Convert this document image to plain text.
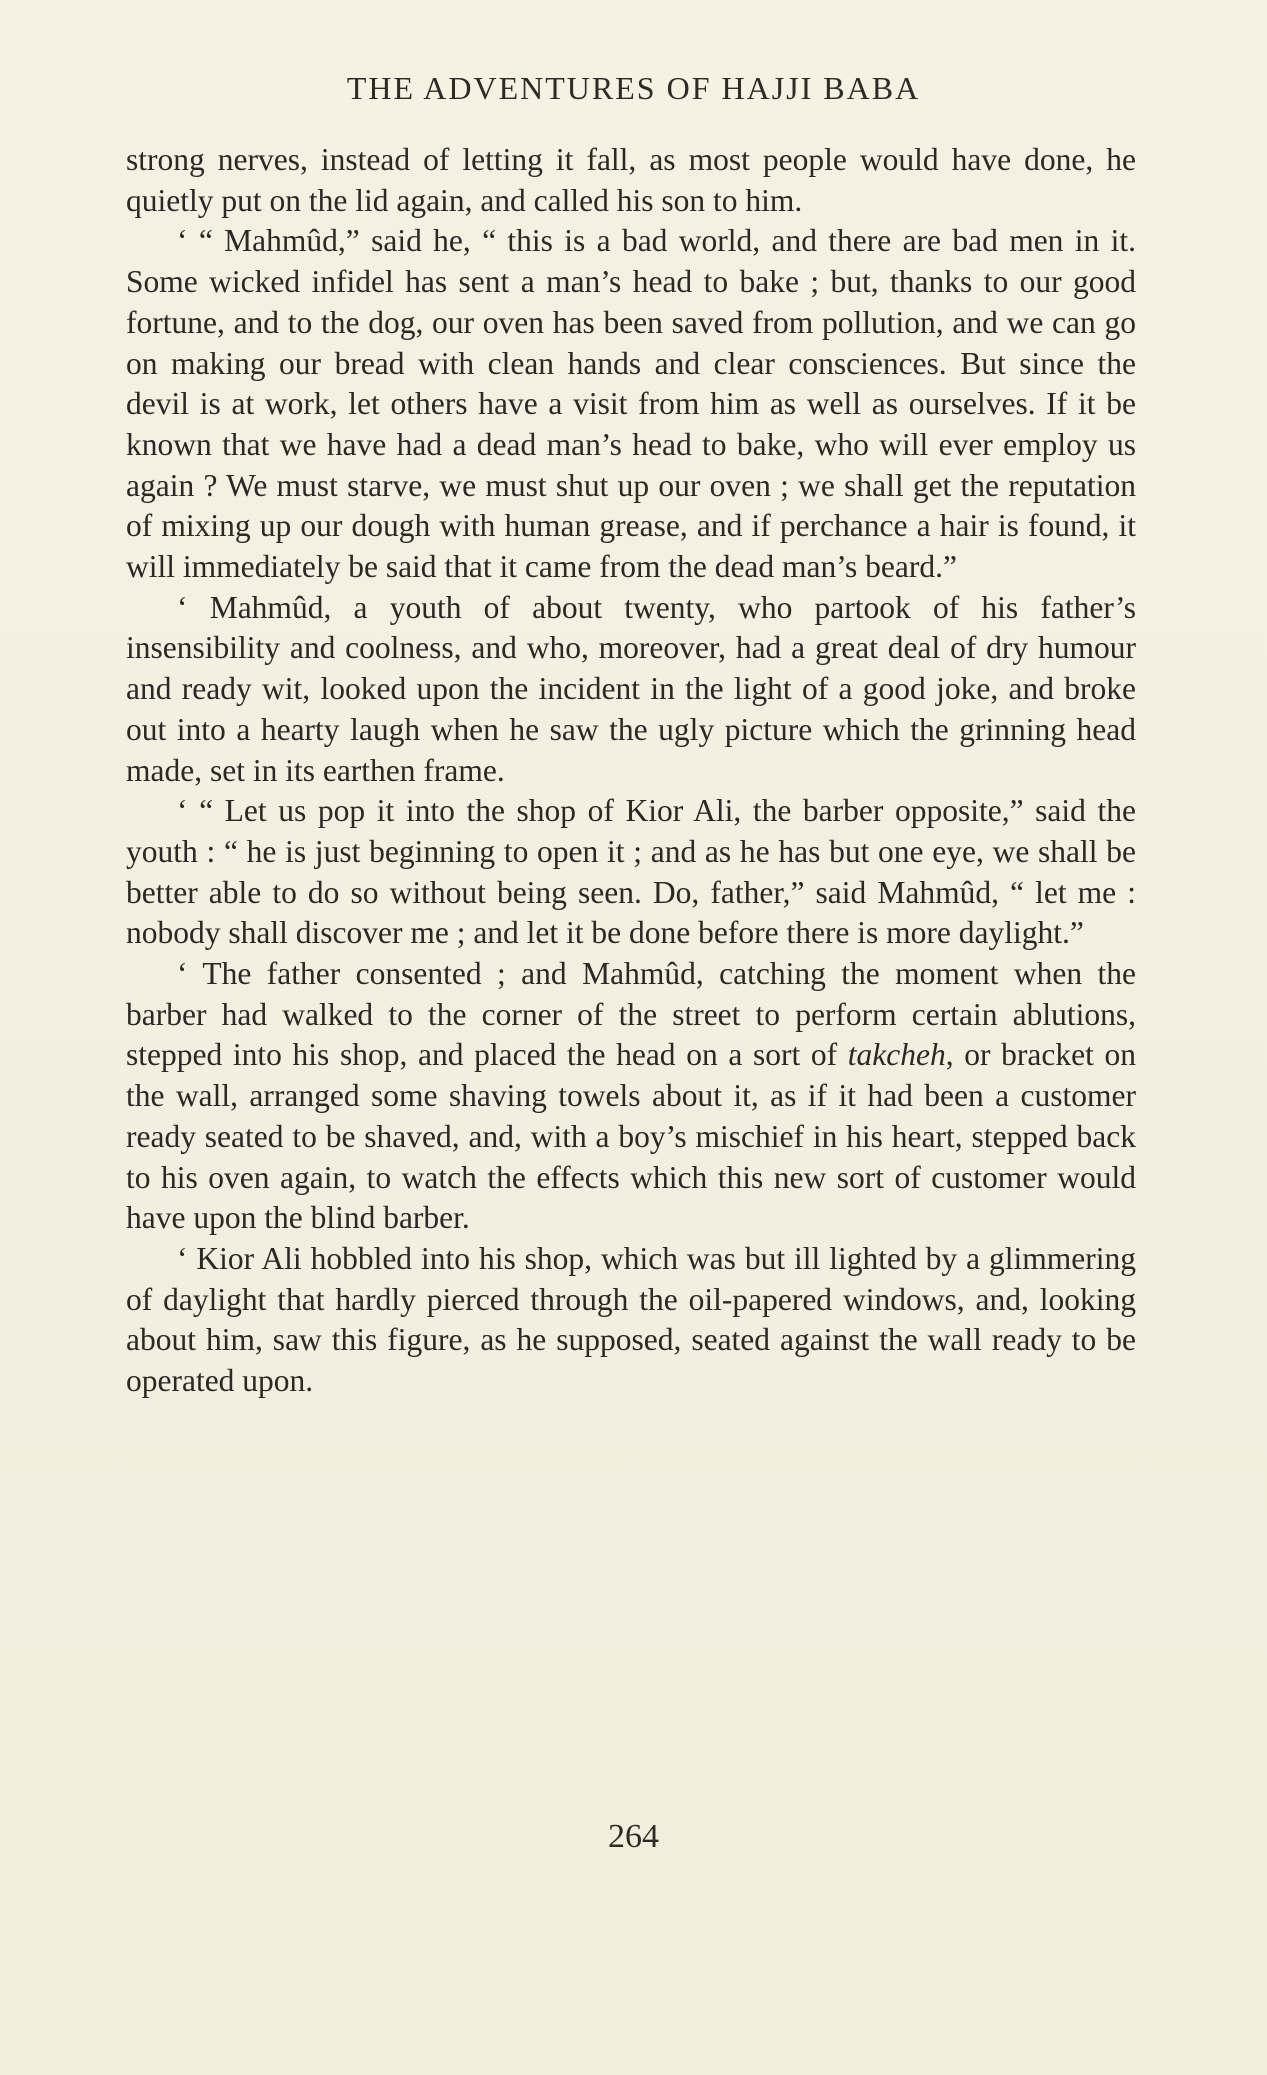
THE ADVENTURES OF HAJJI BABA

strong nerves, instead of letting it fall, as most people would have done, he quietly put on the lid again, and called his son to him.

‘ “ Mahmûd,” said he, “ this is a bad world, and there are bad men in it. Some wicked infidel has sent a man’s head to bake ; but, thanks to our good fortune, and to the dog, our oven has been saved from pollution, and we can go on making our bread with clean hands and clear consciences. But since the devil is at work, let others have a visit from him as well as ourselves. If it be known that we have had a dead man’s head to bake, who will ever employ us again ? We must starve, we must shut up our oven ; we shall get the reputation of mixing up our dough with human grease, and if perchance a hair is found, it will immediately be said that it came from the dead man’s beard.”

‘ Mahmûd, a youth of about twenty, who partook of his father’s insensibility and coolness, and who, moreover, had a great deal of dry humour and ready wit, looked upon the incident in the light of a good joke, and broke out into a hearty laugh when he saw the ugly picture which the grinning head made, set in its earthen frame.

‘ “ Let us pop it into the shop of Kior Ali, the barber opposite,” said the youth : “ he is just beginning to open it ; and as he has but one eye, we shall be better able to do so without being seen. Do, father,” said Mahmûd, “ let me : nobody shall discover me ; and let it be done before there is more daylight.”

‘ The father consented ; and Mahmûd, catching the moment when the barber had walked to the corner of the street to perform certain ablutions, stepped into his shop, and placed the head on a sort of takcheh, or bracket on the wall, arranged some shaving towels about it, as if it had been a customer ready seated to be shaved, and, with a boy’s mischief in his heart, stepped back to his oven again, to watch the effects which this new sort of customer would have upon the blind barber.

‘ Kior Ali hobbled into his shop, which was but ill lighted by a glimmering of daylight that hardly pierced through the oil-papered windows, and, looking about him, saw this figure, as he supposed, seated against the wall ready to be operated upon.

264
